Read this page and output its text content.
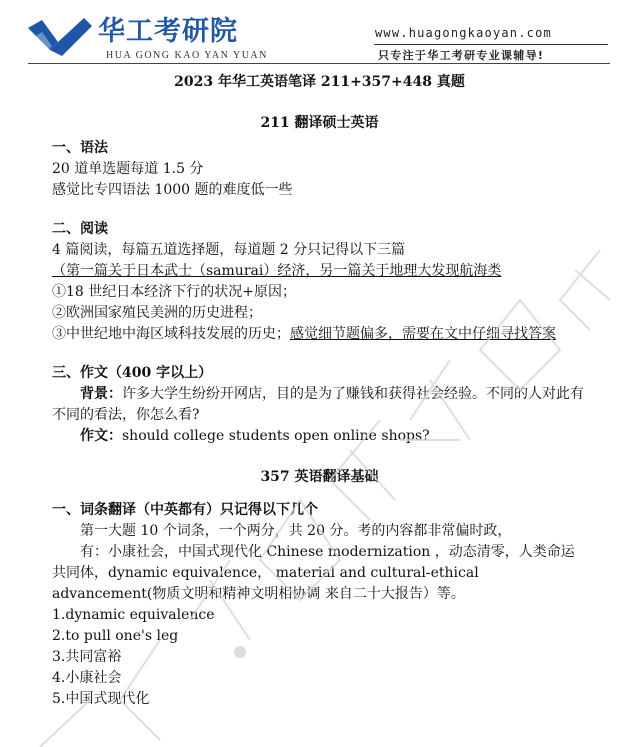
华工考研院
HUA GONG KAO YAN YUAN
www.huagongkaoyan.com
只专注于华工考研专业课辅导!

2023 年华工英语笔译 211+357+448 真题

211 翻译硕士英语

一、语法

20 道单选题每道 1.5 分

感觉比专四语法 1000 题的难度低一些

二、阅读

4 篇阅读，每篇五道选择题，每道题 2 分只记得以下三篇

（第一篇关于日本武士（samurai）经济，另一篇关于地理大发现航海类

①18 世纪日本经济下行的状况+原因；

②欧洲国家殖民美洲的历史进程；

③中世纪地中海区域科技发展的历史；感觉细节题偏多，需要在文中仔细寻找答案

三、作文（400 字以上）

背景：许多大学生纷纷开网店，目的是为了赚钱和获得社会经验。不同的人对此有不同的看法，你怎么看?

作文：should college students open online shops?

357 英语翻译基础

一、词条翻译（中英都有）只记得以下几个

第一大题 10 个词条，一个两分，共 20 分。考的内容都非常偏时政，

有：小康社会，中国式现代化 Chinese modernization ，动态清零，人类命运共同体，dynamic equivalence， material and cultural-ethical advancement(物质文明和精神文明相协调 来自二十大报告）等。

1.dynamic equivalence

2.to pull one's leg

3.共同富裕

4.小康社会

5.中国式现代化
